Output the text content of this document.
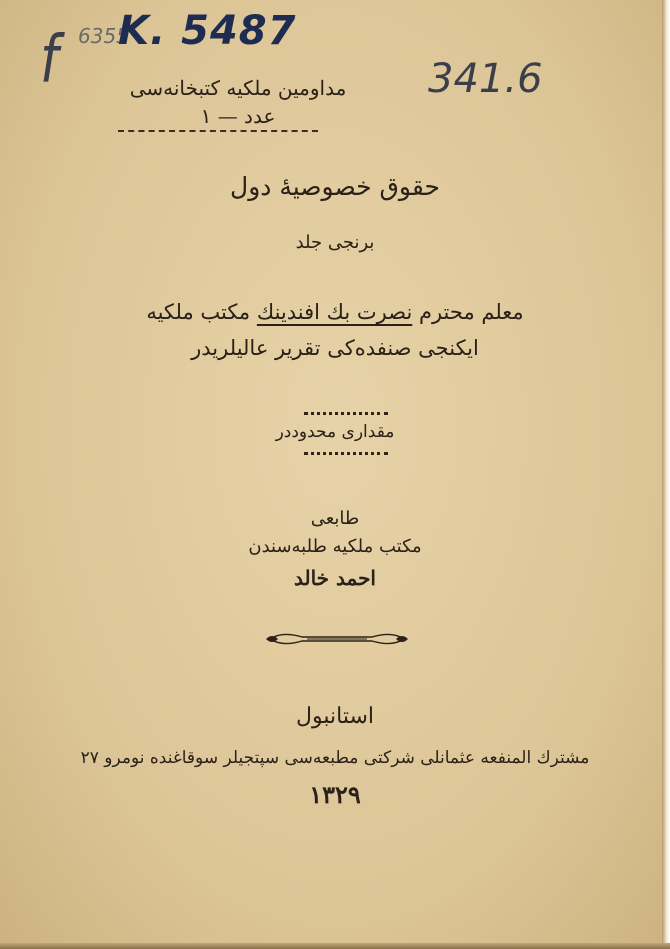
f 6355
K. 5487
341.6
مداومین ملکیه کتبخانه‌سی
عدد — ۱
حقوق خصوصیهٔ دول
برنجی جلد
معلم محترم نصرت بك افندینك مکتب ملکیه
ایکنجی صنفده‌کی تقریر عالیلریدر
مقداری محدوددر
طابعی
مکتب ملکیه طلبه‌سندن
احمد خالد
استانبول
مشترك المنفعه عثمانلی شرکتی مطبعه‌سی سپتجیلر سوقاغنده نومرو ۲۷
۱۳۲۹
